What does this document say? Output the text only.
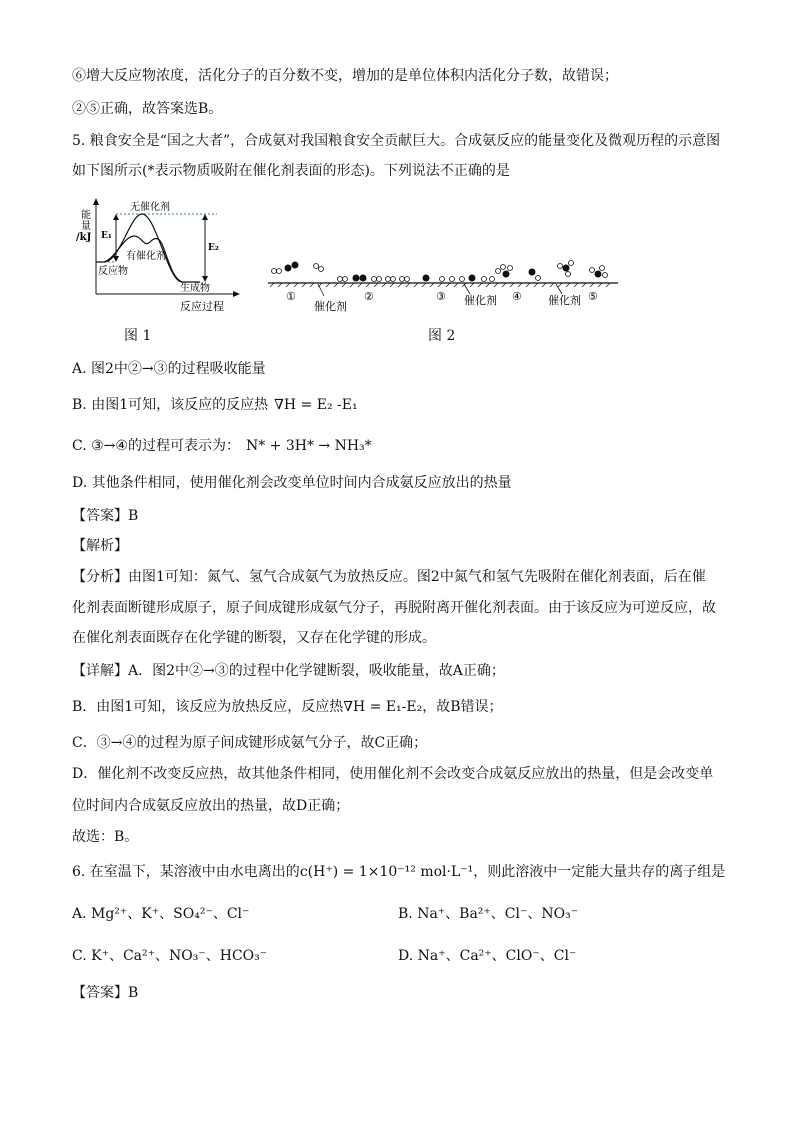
⑥增大反应物浓度，活化分子的百分数不变，增加的是单位体积内活化分子数，故错误；
②⑤正确，故答案选B。
5. 粮食安全是“国之大者”，合成氨对我国粮食安全贡献巨大。合成氨反应的能量变化及微观历程的示意图
如下图所示(*表示物质吸附在催化剂表面的形态)。下列说法不正确的是
能
量
/kJ E₁
E₂
无催化剂
有催化剂
反应物
生成物
反应过程
图 1
①	②	③	④	⑤
催化剂	催化剂	催化剂
图 2
A. 图2中②→③的过程吸收能量
B. 由图1可知，该反应的反应热 ∇H = E₂ -E₁
C. ③→④的过程可表示为： N* + 3H* → NH₃*
D. 其他条件相同，使用催化剂会改变单位时间内合成氨反应放出的热量
【答案】B
【解析】
【分析】由图1可知：氮气、氢气合成氨气为放热反应。图2中氮气和氢气先吸附在催化剂表面，后在催
化剂表面断键形成原子，原子间成键形成氨气分子，再脱附离开催化剂表面。由于该反应为可逆反应，故
在催化剂表面既存在化学键的断裂，又存在化学键的形成。
【详解】A．图2中②→③的过程中化学键断裂，吸收能量，故A正确；
B．由图1可知，该反应为放热反应，反应热∇H = E₁-E₂，故B错误；
C．③→④的过程为原子间成键形成氨气分子，故C正确；
D．催化剂不改变反应热，故其他条件相同，使用催化剂不会改变合成氨反应放出的热量，但是会改变单
位时间内合成氨反应放出的热量，故D正确；
故选：B。
6. 在室温下，某溶液中由水电离出的c(H⁺) = 1×10⁻¹² mol·L⁻¹，则此溶液中一定能大量共存的离子组是
A. Mg²⁺、K⁺、SO₄²⁻、Cl⁻	B. Na⁺、Ba²⁺、Cl⁻、NO₃⁻
C. K⁺、Ca²⁺、NO₃⁻、HCO₃⁻	D. Na⁺、Ca²⁺、ClO⁻、Cl⁻
【答案】B
